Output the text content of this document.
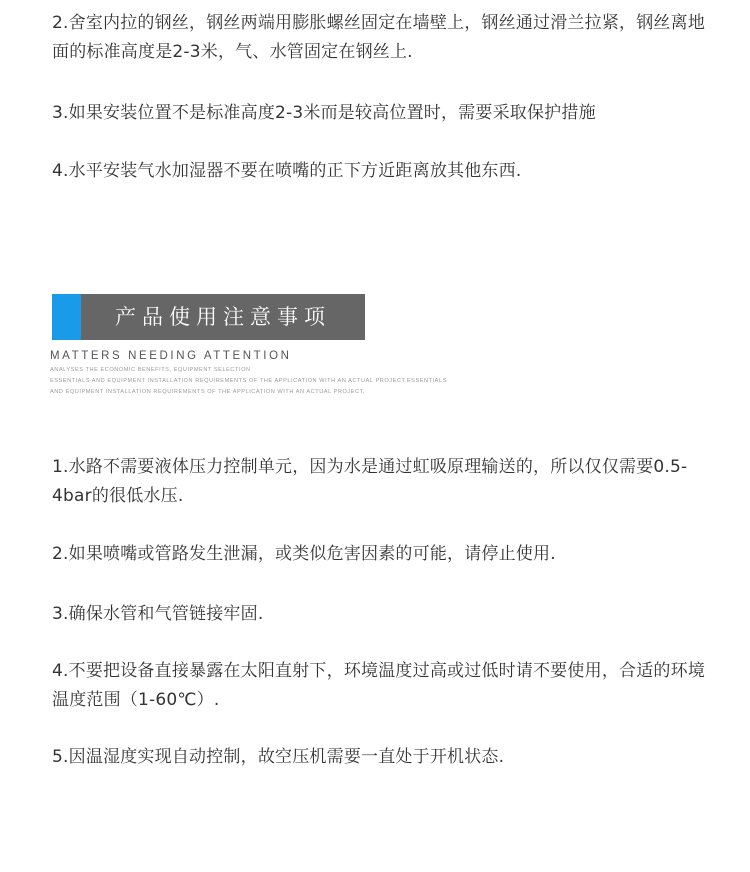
2.舍室内拉的钢丝，钢丝两端用膨胀螺丝固定在墙壁上，钢丝通过滑兰拉紧，钢丝离地面的标准高度是2-3米，气、水管固定在钢丝上.

3.如果安装位置不是标准高度2-3米而是较高位置时，需要采取保护措施

4.水平安装气水加湿器不要在喷嘴的正下方近距离放其他东西.

产品使用注意事项
MATTERS NEEDING ATTENTION
ANALYSES THE ECONOMIC BENEFITS, EQUIPMENT SELECTION
ESSENTIALS AND EQUIPMENT INSTALLATION REQUIREMENTS OF THE APPLICATION WITH AN ACTUAL PROJECT.ESSENTIALS
AND EQUIPMENT INSTALLATION REQUIREMENTS OF THE APPLICATION WITH AN ACTUAL PROJECT.

1.水路不需要液体压力控制单元，因为水是通过虹吸原理输送的，所以仅仅需要0.5-4bar的很低水压.

2.如果喷嘴或管路发生泄漏，或类似危害因素的可能，请停止使用.

3.确保水管和气管链接牢固.

4.不要把设备直接暴露在太阳直射下，环境温度过高或过低时请不要使用，合适的环境温度范围（1-60℃）.

5.因温湿度实现自动控制，故空压机需要一直处于开机状态.
